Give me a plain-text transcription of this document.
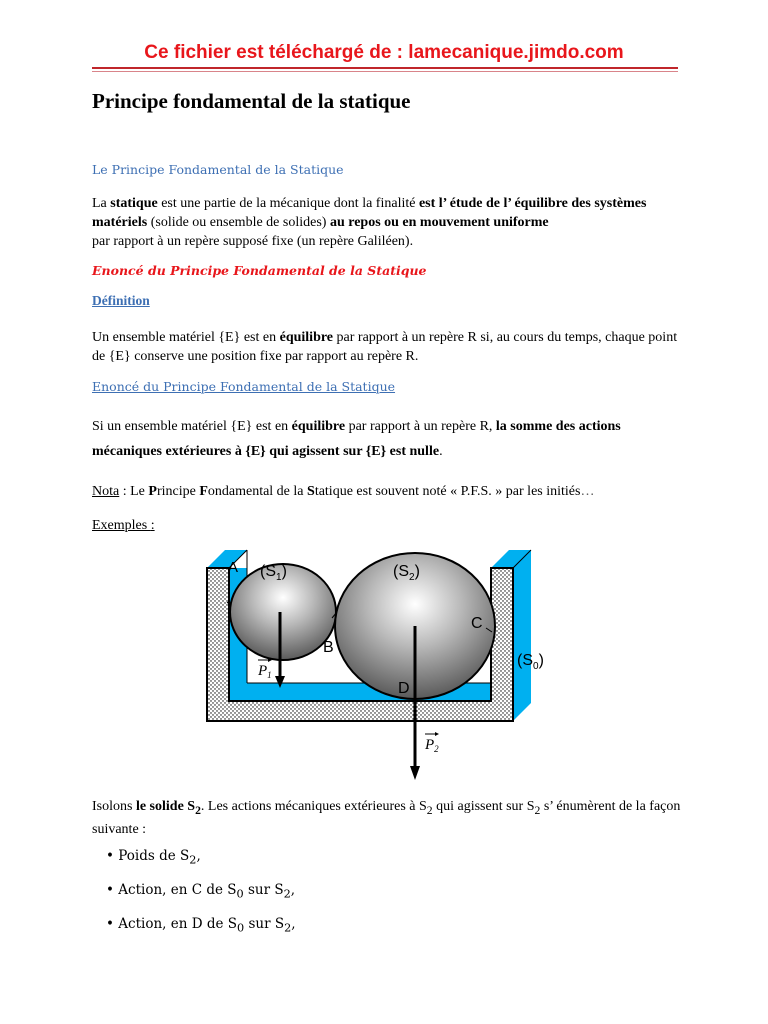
Ce fichier est téléchargé de : lamecanique.jimdo.com
Principe fondamental de la statique
Le Principe Fondamental de la Statique
La statique est une partie de la mécanique dont la finalité est l’ étude de l’ équilibre des systèmes matériels (solide ou ensemble de solides) au repos ou en mouvement uniforme
par rapport à un repère supposé fixe (un repère Galiléen).
Enoncé du Principe Fondamental de la Statique
Définition
Un ensemble matériel {E} est en équilibre par rapport à un repère R si, au cours du temps, chaque point de {E} conserve une position fixe par rapport au repère R.
Enoncé du Principe Fondamental de la Statique
Si un ensemble matériel {E} est en équilibre par rapport à un repère R, la somme des actions mécaniques extérieures à {E} qui agissent sur {E} est nulle.
Nota : Le Principe Fondamental de la Statique est souvent noté « P.F.S. » par les initiés…
Exemples :
A $(S_1)$	$(S_2)$
C
B
D
$(S_0)$
$P_1$
$P_2$
Isolons le solide $S_2$. Les actions mécaniques extérieures à $S_2$ qui agissent sur $S_2$ s’ énumèrent de la façon suivante :
• Poids de $S_2$,
• Action, en C de $S_0$ sur $S_2$,
• Action, en D de $S_0$ sur $S_2$,
